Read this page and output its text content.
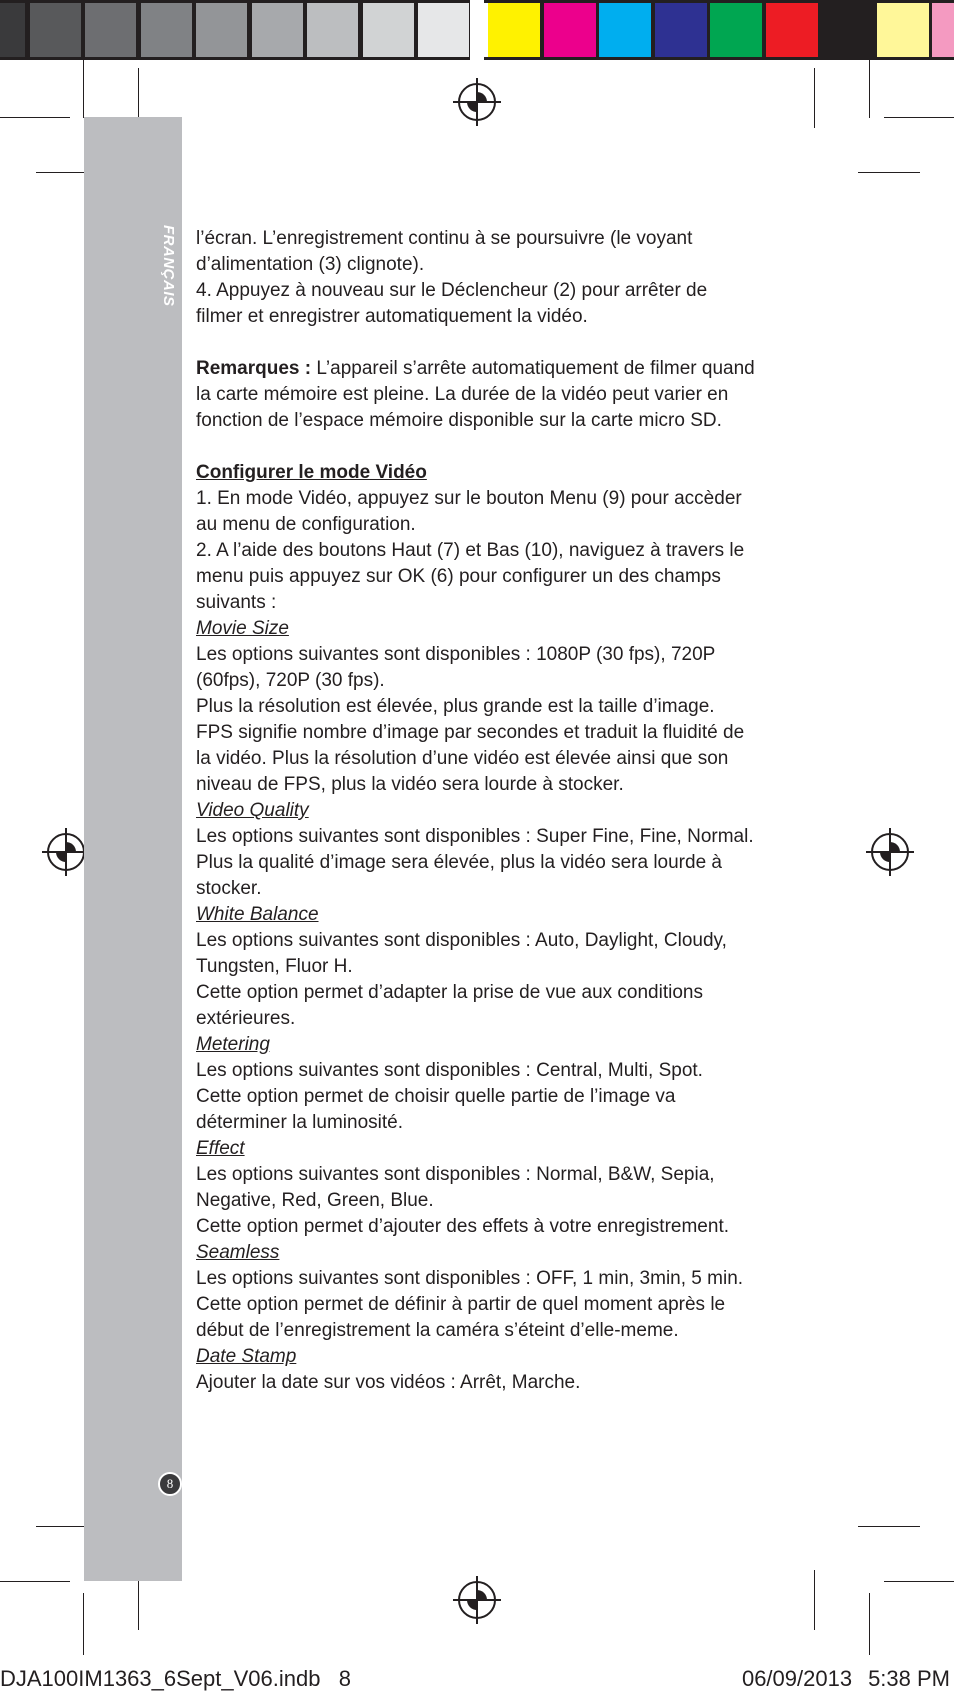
FRANÇAIS
8

l’écran. L’enregistrement continu à se poursuivre (le voyant d’alimentation (3) clignote).

4. Appuyez à nouveau sur le Déclencheur (2) pour arrêter de filmer et enregistrer automatiquement la vidéo.

Remarques : L’appareil s’arrête automatiquement de filmer quand la carte mémoire est pleine. La durée de la vidéo peut varier en fonction de l’espace mémoire disponible sur la carte micro SD.

Configurer le mode Vidéo

1. En mode Vidéo, appuyez sur le bouton Menu (9) pour accèder au menu de configuration.

2. A l’aide des boutons Haut (7) et Bas (10), naviguez à travers le menu puis appuyez sur OK (6) pour configurer un des champs suivants :

Movie Size

Les options suivantes sont disponibles : 1080P (30 fps), 720P (60fps), 720P (30 fps).

Plus la résolution est élevée, plus grande est la taille d’image. FPS signifie nombre d’image par secondes et traduit la fluidité de la vidéo. Plus la résolution d’une vidéo est élevée ainsi que son niveau de FPS, plus la vidéo sera lourde à stocker.

Video Quality

Les options suivantes sont disponibles : Super Fine, Fine, Normal.

Plus la qualité d’image sera élevée, plus la vidéo sera lourde à stocker.

White Balance

Les options suivantes sont disponibles : Auto, Daylight, Cloudy, Tungsten, Fluor H.

Cette option permet d’adapter la prise de vue aux conditions extérieures.

Metering

Les options suivantes sont disponibles : Central, Multi, Spot.

Cette option permet de choisir quelle partie de l’image va déterminer la luminosité.

Effect

Les options suivantes sont disponibles : Normal, B&W, Sepia, Negative, Red, Green, Blue.

Cette option permet d’ajouter des effets à votre enregistrement.

Seamless

Les options suivantes sont disponibles : OFF, 1 min, 3min, 5 min.

Cette option permet de définir à partir de quel moment après le début de l’enregistrement la caméra s’éteint d’elle-meme.

Date Stamp

Ajouter la date sur vos vidéos : Arrêt, Marche.

DJA100IM1363_6Sept_V06.indb   8	06/09/2013 5:38 PM
